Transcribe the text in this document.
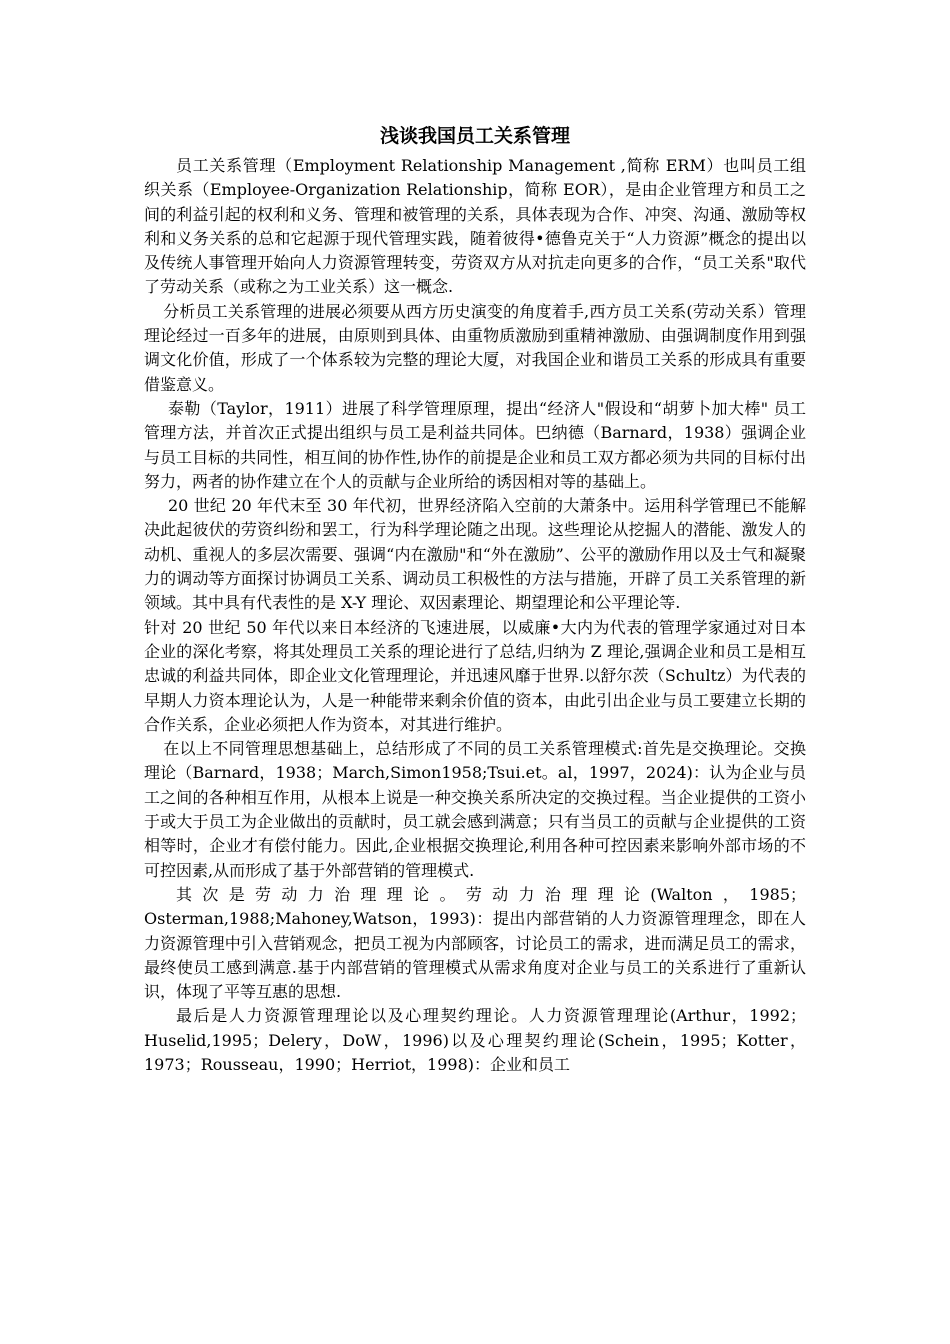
浅谈我国员工关系管理

员工关系管理（Employment Relationship Management ,简称 ERM）也叫员工组织关系（Employee-Organization Relationship，简称 EOR），是由企业管理方和员工之间的利益引起的权利和义务、管理和被管理的关系，具体表现为合作、冲突、沟通、激励等权利和义务关系的总和它起源于现代管理实践，随着彼得•德鲁克关于“人力资源”概念的提出以及传统人事管理开始向人力资源管理转变，劳资双方从对抗走向更多的合作，“员工关系"取代了劳动关系（或称之为工业关系）这一概念.

分析员工关系管理的进展必须要从西方历史演变的角度着手,西方员工关系(劳动关系）管理理论经过一百多年的进展，由原则到具体、由重物质激励到重精神激励、由强调制度作用到强调文化价值，形成了一个体系较为完整的理论大厦，对我国企业和谐员工关系的形成具有重要借鉴意义。

泰勒（Taylor，1911）进展了科学管理原理，提出“经济人"假设和“胡萝卜加大棒" 员工管理方法，并首次正式提出组织与员工是利益共同体。巴纳德（Barnard，1938）强调企业与员工目标的共同性，相互间的协作性,协作的前提是企业和员工双方都必须为共同的目标付出努力，两者的协作建立在个人的贡献与企业所给的诱因相对等的基础上。

20 世纪 20 年代末至 30 年代初，世界经济陷入空前的大萧条中。运用科学管理已不能解决此起彼伏的劳资纠纷和罢工，行为科学理论随之出现。这些理论从挖掘人的潜能、激发人的动机、重视人的多层次需要、强调“内在激励"和“外在激励”、公平的激励作用以及士气和凝聚力的调动等方面探讨协调员工关系、调动员工积极性的方法与措施，开辟了员工关系管理的新领域。其中具有代表性的是 X-Y 理论、双因素理论、期望理论和公平理论等.

针对 20 世纪 50 年代以来日本经济的飞速进展，以威廉•大内为代表的管理学家通过对日本企业的深化考察，将其处理员工关系的理论进行了总结,归纳为 Z 理论,强调企业和员工是相互忠诚的利益共同体，即企业文化管理理论，并迅速风靡于世界.以舒尔茨（Schultz）为代表的早期人力资本理论认为，人是一种能带来剩余价值的资本，由此引出企业与员工要建立长期的合作关系，企业必须把人作为资本，对其进行维护。

在以上不同管理思想基础上，总结形成了不同的员工关系管理模式:首先是交换理论。交换理论（Barnard，1938；March,Simon1958;Tsui.et。al，1997，2024)：认为企业与员工之间的各种相互作用，从根本上说是一种交换关系所决定的交换过程。当企业提供的工资小于或大于员工为企业做出的贡献时，员工就会感到满意；只有当员工的贡献与企业提供的工资相等时，企业才有偿付能力。因此,企业根据交换理论,利用各种可控因素来影响外部市场的不可控因素,从而形成了基于外部营销的管理模式.

其次是劳动力治理理论。劳动力治理理论(Walton，1985；Osterman,1988;Mahoney,Watson，1993)：提出内部营销的人力资源管理理念，即在人力资源管理中引入营销观念，把员工视为内部顾客，讨论员工的需求，进而满足员工的需求，最终使员工感到满意.基于内部营销的管理模式从需求角度对企业与员工的关系进行了重新认识，体现了平等互惠的思想.

最后是人力资源管理理论以及心理契约理论。人力资源管理理论(Arthur，1992；Huselid,1995；Delery，DoW，1996)以及心理契约理论(Schein，1995；Kotter，1973；Rousseau，1990；Herriot，1998)：企业和员工
